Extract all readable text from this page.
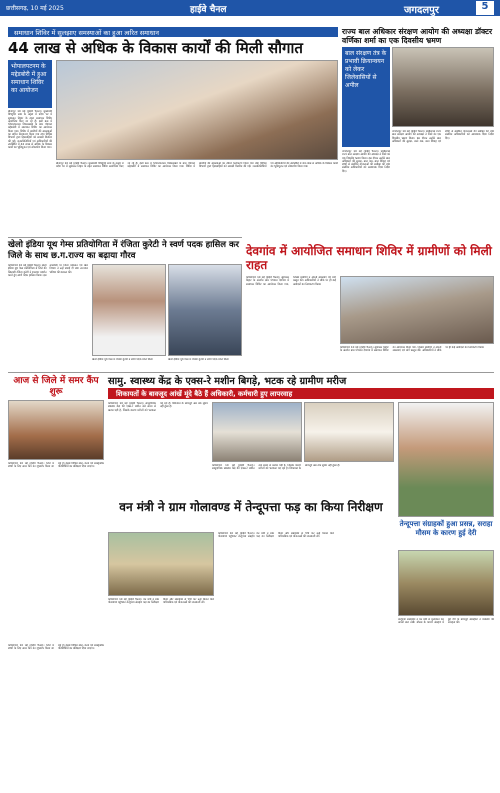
छत्तीसगढ़, 10 मई 2025	हाईवे चैनल	जगदलपुर	5
समाधान शिविर में सुलझाए समस्याओं का हुआ त्वरित समाधान
44 लाख से अधिक के विकास कार्यों की मिली सौगात
भोपालपटनम के मद्देडबोरी में हुआ समाधान शिविर का आयोजन
बीजापुर 10 मई (हाईवे चैनल)। मुख्यमंत्री विष्णुदेव साय के नेतृत्व में प्रदेश भर में सुशासन तिहार के तहत समाधान शिविर आयोजित किए जा रहे हैं। इसी क्रम में भोपालपटनम विकासखंड के ग्राम पंचायत मद्देडबोरी में समाधान शिविर का आयोजन किया गया। शिविर में ग्रामीणों की समस्याओं का त्वरित निराकरण किया गया तथा विभिन्न विभागों द्वारा हितग्राहियों को सामग्री वितरित की गई। जनप्रतिनिधियों एवं अधिकारियों की उपस्थिति में 44 लाख से अधिक के विकास कार्यों का भूमिपूजन एवं लोकार्पण किया गया।
बीजापुर 10 मई (हाईवे चैनल)। मुख्यमंत्री विष्णुदेव साय के नेतृत्व में प्रदेश भर में सुशासन तिहार के तहत समाधान शिविर आयोजित किए जा रहे हैं। इसी क्रम में भोपालपटनम विकासखंड के ग्राम पंचायत मद्देडबोरी में समाधान शिविर का आयोजन किया गया। शिविर में ग्रामीणों की समस्याओं का त्वरित निराकरण किया गया तथा विभिन्न विभागों द्वारा हितग्राहियों को सामग्री वितरित की गई। जनप्रतिनिधियों एवं अधिकारियों की उपस्थिति में 44 लाख से अधिक के विकास कार्यों का भूमिपूजन एवं लोकार्पण किया गया।
राज्य बाल अधिकार संरक्षण आयोग की अध्यक्षा डॉक्टर वर्णिका शर्मा का एक दिवसीय भ्रमण
बाल संरक्षण तंत्र के प्रभावी क्रियान्वयन को लेकर जिलेवासियों से अपील
जगदलपुर 10 मई (हाईवे चैनल)। छत्तीसगढ़ राज्य बाल संरक्षण आयोग की अध्यक्षा ने जिले का एक दिवसीय भ्रमण किया। इस दौरान उन्होंने बाल अधिकारों की सुरक्षा, बाल श्रम, बाल विवाह एवं बच्चों से संबंधित योजनाओं की समीक्षा की तथा संबंधित अधिकारियों को आवश्यक दिशा निर्देश दिए।
जगदलपुर 10 मई (हाईवे चैनल)। छत्तीसगढ़ राज्य बाल संरक्षण आयोग की अध्यक्षा ने जिले का एक दिवसीय भ्रमण किया। इस दौरान उन्होंने बाल अधिकारों की सुरक्षा, बाल श्रम, बाल विवाह एवं बच्चों से संबंधित योजनाओं की समीक्षा की तथा संबंधित अधिकारियों को आवश्यक दिशा निर्देश दिए।
खेलो इंडिया यूथ गेम्स प्रतियोगिता में रंजिता कुरेटी ने स्वर्ण पदक हासिल कर जिले के साथ छ.ग.राज्य का बढ़ाया गौरव
कोण्डागांव 10 मई (हाईवे चैनल)। खेलो इंडिया यूथ गेम्स प्रतियोगिता में जिले की खिलाड़ी रंजिता कुरेटी ने शानदार प्रदर्शन करते हुए स्वर्ण पदक हासिल किया। इस उपलब्धि पर जिला प्रशासन एवं खेल विभाग ने उन्हें बधाई दी तथा उज्ज्वल भविष्य की कामना की।
खेलो इंडिया यूथ गेम्स में रंजिता कुरेटी ने स्वर्ण पदक प्राप्त किया	खेलो इंडिया यूथ गेम्स में रंजिता कुरेटी ने स्वर्ण पदक प्राप्त किया
देवगांव में आयोजित समाधान शिविर में ग्रामीणों को मिली राहत
कोण्डागांव 10 मई (हाईवे चैनल)। सुशासन तिहार के अंतर्गत ग्राम पंचायत देवगांव में समाधान शिविर का आयोजन किया गया, जिसमें ग्रामीणों ने अपनी समस्याएं एवं मांगें प्रस्तुत कीं। अधिकारियों ने मौके पर ही कई आवेदनों का निराकरण किया।
कोण्डागांव 10 मई (हाईवे चैनल)। सुशासन तिहार के अंतर्गत ग्राम पंचायत देवगांव में समाधान शिविर का आयोजन किया गया, जिसमें ग्रामीणों ने अपनी समस्याएं एवं मांगें प्रस्तुत कीं। अधिकारियों ने मौके पर ही कई आवेदनों का निराकरण किया।
आज से जिले में समर कैंप शुरू
कोण्डागांव 10 मई (हाईवे चैनल)। जिले में बच्चों के लिए समर कैंप का शुभारंभ किया जा रहा है। इसमें विभिन्न खेल, कला एवं सांस्कृतिक गतिविधियों का प्रशिक्षण दिया जाएगा।
सामु. स्वास्थ्य केंद्र के एक्स-रे मशीन बिगड़े, भटक रहे ग्रामीण मरीज
शिकायतों के बावजूद आंखें मूंदे बैठे हैं अधिकारी, कर्मचारी हुए लापरवाह
कोण्डागांव 10 मई (हाईवे चैनल)। सामुदायिक स्वास्थ्य केंद्र की एक्स-रे मशीन लंबे समय से खराब पड़ी है, जिसके कारण मरीजों को भटकना पड़ रहा है। शिकायत के बावजूद अब तक सुधार नहीं हुआ है।
कोण्डागांव 10 मई (हाईवे चैनल)। सामुदायिक स्वास्थ्य केंद्र की एक्स-रे मशीन लंबे समय से खराब पड़ी है, जिसके कारण मरीजों को भटकना पड़ रहा है। शिकायत के बावजूद अब तक सुधार नहीं हुआ है।
वन मंत्री ने ग्राम गोलावण्ड में तेन्दूपत्ता फड़ का किया निरीक्षण
कोण्डागांव 10 मई (हाईवे चैनल)। वन मंत्री ने ग्राम गोलावण्ड पहुंचकर तेन्दूपत्ता संग्रहण फड़ का निरीक्षण किया और संग्राहकों से चर्चा कर उन्हें मिलने वाले पारिश्रमिक एवं योजनाओं की जानकारी ली।
कोण्डागांव 10 मई (हाईवे चैनल)। वन मंत्री ने ग्राम गोलावण्ड पहुंचकर तेन्दूपत्ता संग्रहण फड़ का निरीक्षण किया और संग्राहकों से चर्चा कर उन्हें मिलने वाले पारिश्रमिक एवं योजनाओं की जानकारी ली।
तेन्दूपत्ता संग्राहकों हुआ प्रसन्न, सराहा मौसम के कारण हुई देरी
तेन्दूपत्ता संग्राहकों ने वन मंत्री से मुलाकात कर अपनी बात रखी। मौसम के कारण संग्रहण में हुई देरी के बावजूद संग्राहकों ने व्यवस्था की सराहना की।
कोण्डागांव 10 मई (हाईवे चैनल)। जिले में बच्चों के लिए समर कैंप का शुभारंभ किया जा रहा है। इसमें विभिन्न खेल, कला एवं सांस्कृतिक गतिविधियों का प्रशिक्षण दिया जाएगा।
